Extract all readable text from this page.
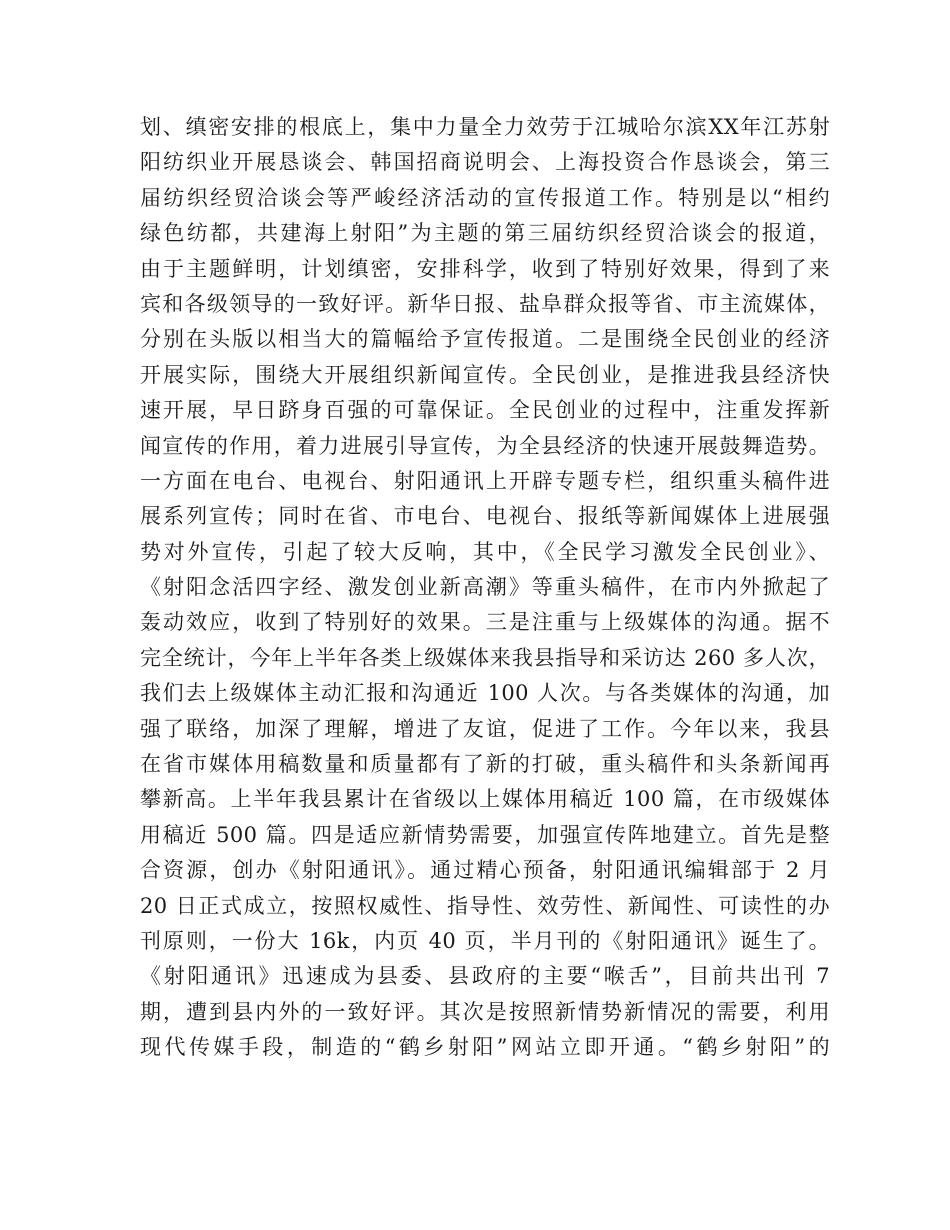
划、缜密安排的根底上，集中力量全力效劳于江城哈尔滨XX年江苏射
阳纺织业开展恳谈会、韩国招商说明会、上海投资合作恳谈会，第三
届纺织经贸洽谈会等严峻经济活动的宣传报道工作。特别是以“相约
绿色纺都，共建海上射阳”为主题的第三届纺织经贸洽谈会的报道，
由于主题鲜明，计划缜密，安排科学，收到了特别好效果，得到了来
宾和各级领导的一致好评。新华日报、盐阜群众报等省、市主流媒体，
分别在头版以相当大的篇幅给予宣传报道。二是围绕全民创业的经济
开展实际，围绕大开展组织新闻宣传。全民创业，是推进我县经济快
速开展，早日跻身百强的可靠保证。全民创业的过程中，注重发挥新
闻宣传的作用，着力进展引导宣传，为全县经济的快速开展鼓舞造势。
一方面在电台、电视台、射阳通讯上开辟专题专栏，组织重头稿件进
展系列宣传；同时在省、市电台、电视台、报纸等新闻媒体上进展强
势对外宣传，引起了较大反响，其中，《全民学习激发全民创业》、
《射阳念活四字经、激发创业新高潮》等重头稿件，在市内外掀起了
轰动效应，收到了特别好的效果。三是注重与上级媒体的沟通。据不
完全统计，今年上半年各类上级媒体来我县指导和采访达 260 多人次，
我们去上级媒体主动汇报和沟通近 100 人次。与各类媒体的沟通，加
强了联络，加深了理解，增进了友谊，促进了工作。今年以来，我县
在省市媒体用稿数量和质量都有了新的打破，重头稿件和头条新闻再
攀新高。上半年我县累计在省级以上媒体用稿近 100 篇，在市级媒体
用稿近 500 篇。四是适应新情势需要，加强宣传阵地建立。首先是整
合资源，创办《射阳通讯》。通过精心预备，射阳通讯编辑部于 2 月
20 日正式成立，按照权威性、指导性、效劳性、新闻性、可读性的办
刊原则，一份大 16k，内页 40 页，半月刊的《射阳通讯》诞生了。
《射阳通讯》迅速成为县委、县政府的主要“喉舌”，目前共出刊 7
期，遭到县内外的一致好评。其次是按照新情势新情况的需要，利用
现代传媒手段，制造的“鹤乡射阳”网站立即开通。“鹤乡射阳”的
